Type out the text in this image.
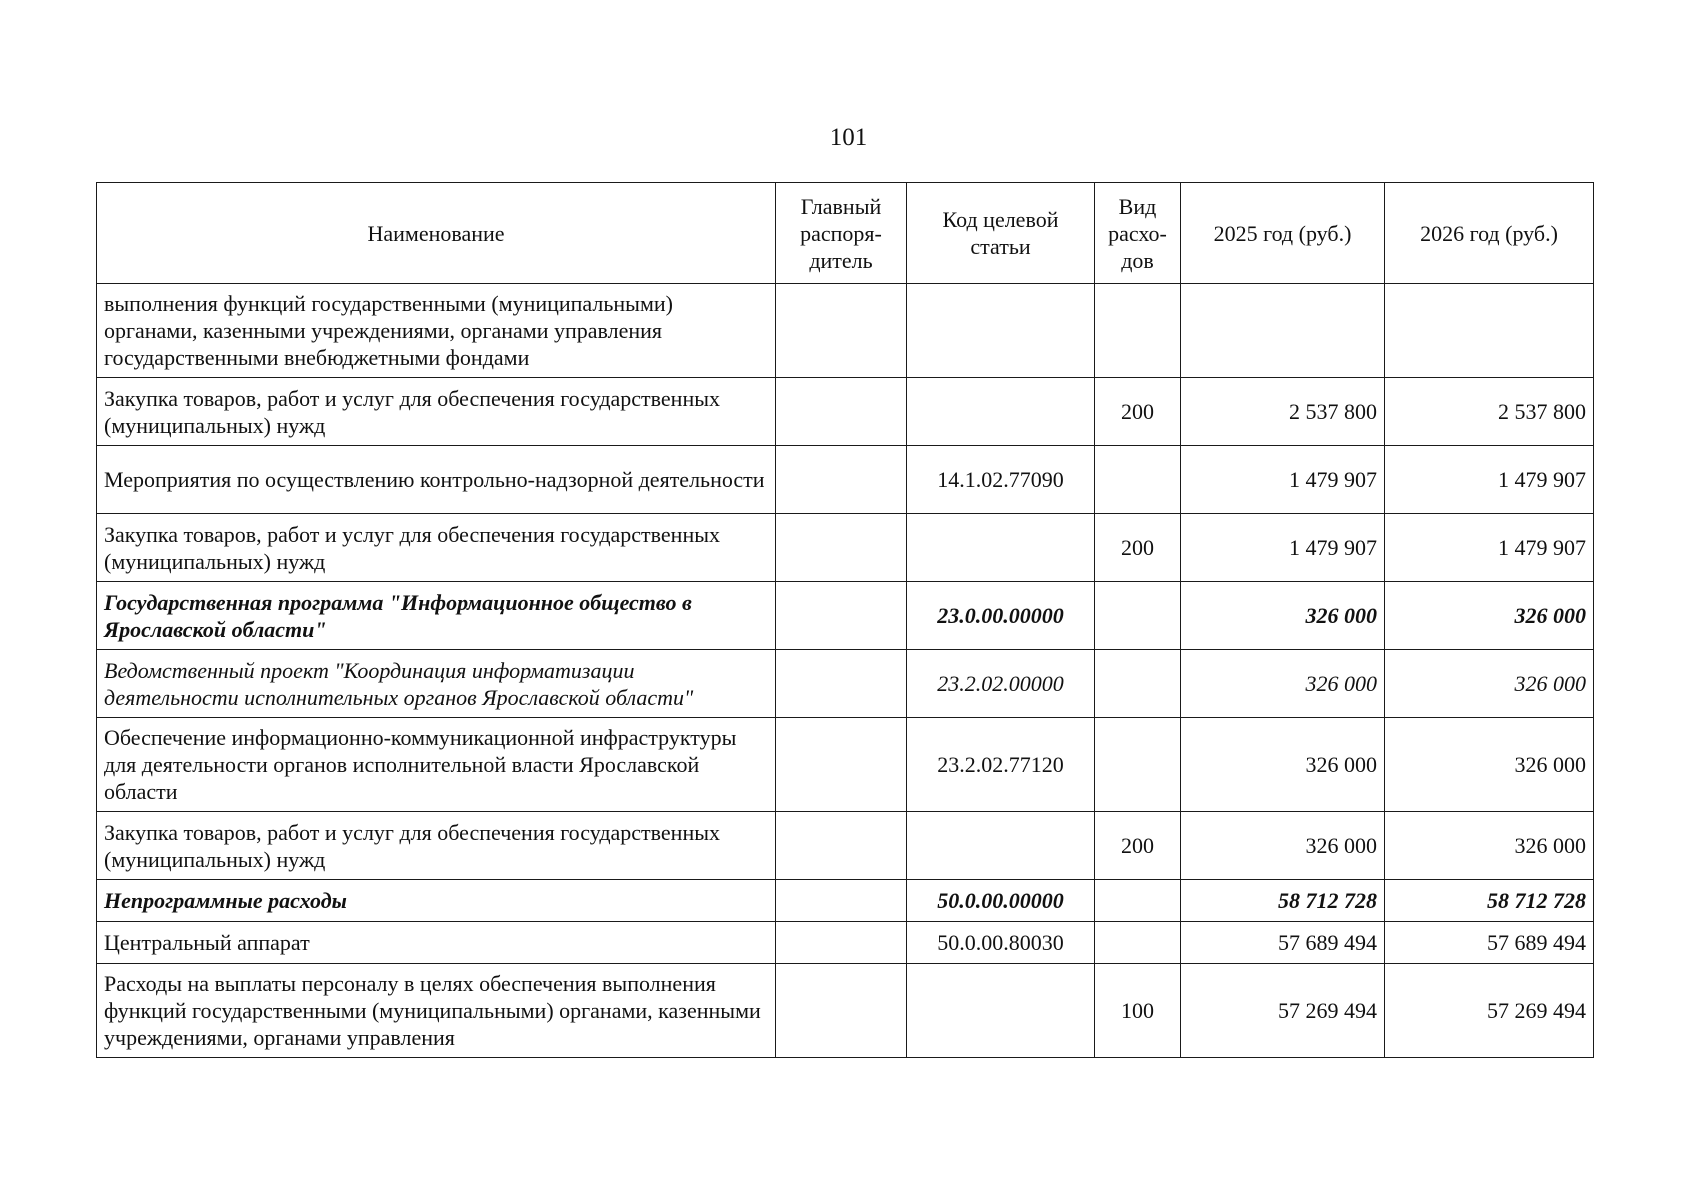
101
Наименование	Главный распоря-дитель	Код целевой статьи	Вид расхо-дов	2025 год (руб.)	2026 год (руб.)
выполнения функций государственными (муниципальными) органами, казенными учреждениями, органами управления государственными внебюджетными фондами					
Закупка товаров, работ и услуг для обеспечения государственных (муниципальных) нужд			200	2 537 800	2 537 800
Мероприятия по осуществлению контрольно-надзорной деятельности		14.1.02.77090		1 479 907	1 479 907
Закупка товаров, работ и услуг для обеспечения государственных (муниципальных) нужд			200	1 479 907	1 479 907
Государственная программа "Информационное общество в Ярославской области"		23.0.00.00000		326 000	326 000
Ведомственный проект "Координация информатизации деятельности исполнительных органов Ярославской области"		23.2.02.00000		326 000	326 000
Обеспечение информационно-коммуникационной инфраструктуры для деятельности органов исполнительной власти Ярославской области		23.2.02.77120		326 000	326 000
Закупка товаров, работ и услуг для обеспечения государственных (муниципальных) нужд			200	326 000	326 000
Непрограммные расходы		50.0.00.00000		58 712 728	58 712 728
Центральный аппарат		50.0.00.80030		57 689 494	57 689 494
Расходы на выплаты персоналу в целях обеспечения выполнения функций государственными (муниципальными) органами, казенными учреждениями, органами управления			100	57 269 494	57 269 494
